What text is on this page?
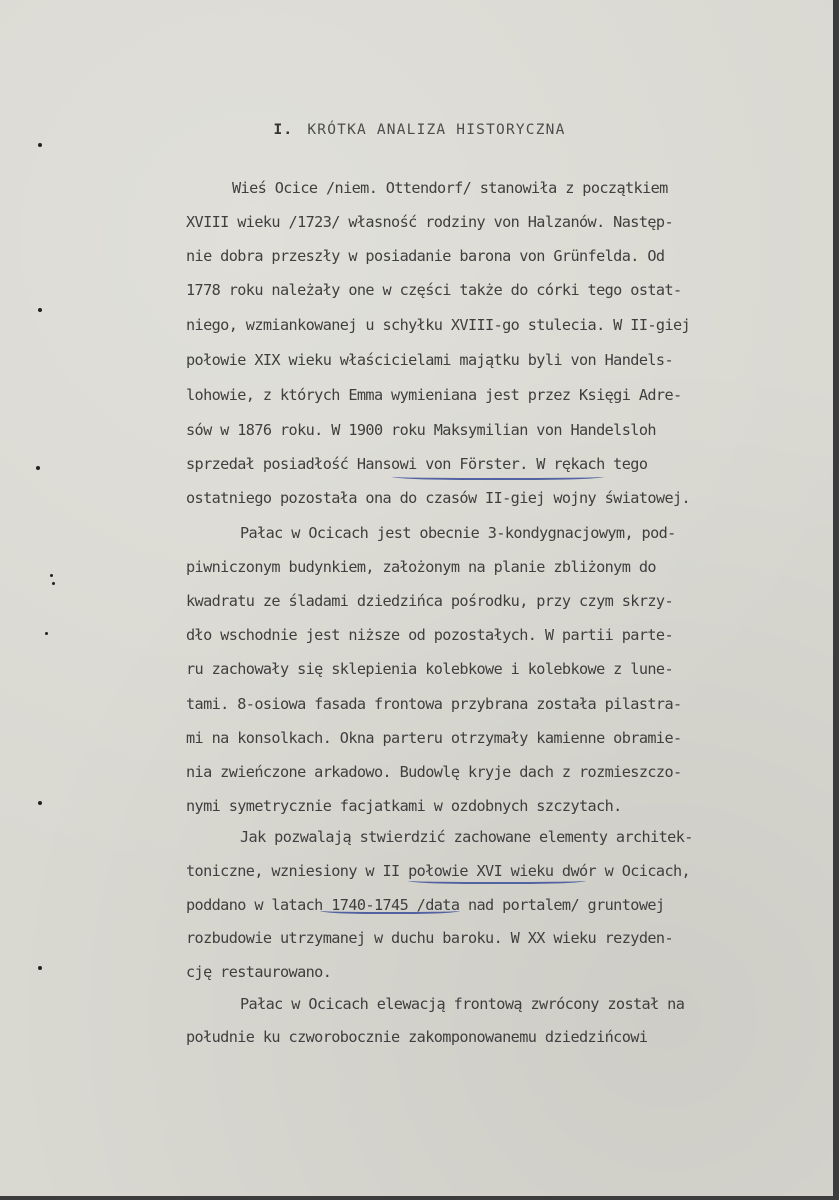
I. KRÓTKA ANALIZA HISTORYCZNA
Wieś Ocice /niem. Ottendorf/ stanowiła z początkiem
XVIII wieku /1723/ własność rodziny von Halzanów. Następ-
nie dobra przeszły w posiadanie barona von Grünfelda. Od
1778 roku należały one w części także do córki tego ostat-
niego, wzmiankowanej u schyłku XVIII-go stulecia. W II-giej
połowie XIX wieku właścicielami majątku byli von Handels-
lohowie, z których Emma wymieniana jest przez Księgi Adre-
sów w 1876 roku. W 1900 roku Maksymilian von Handelsloh
sprzedał posiadłość Hansowi von Förster. W rękach tego
ostatniego pozostała ona do czasów II-giej wojny światowej.
Pałac w Ocicach jest obecnie 3-kondygnacjowym, pod-
piwniczonym budynkiem, założonym na planie zbliżonym do
kwadratu ze śladami dziedzińca pośrodku, przy czym skrzy-
dło wschodnie jest niższe od pozostałych. W partii parte-
ru zachowały się sklepienia kolebkowe i kolebkowe z lune-
tami. 8-osiowa fasada frontowa przybrana została pilastra-
mi na konsolkach. Okna parteru otrzymały kamienne obramie-
nia zwieńczone arkadowo. Budowlę kryje dach z rozmieszczo-
nymi symetrycznie facjatkami w ozdobnych szczytach.
Jak pozwalają stwierdzić zachowane elementy architek-
toniczne, wzniesiony w II połowie XVI wieku dwór w Ocicach,
poddano w latach 1740-1745 /data nad portalem/ gruntowej
rozbudowie utrzymanej w duchu baroku. W XX wieku rezyden-
cję restaurowano.
Pałac w Ocicach elewacją frontową zwrócony został na
południe ku czworobocznie zakomponowanemu dziedzińcowi
